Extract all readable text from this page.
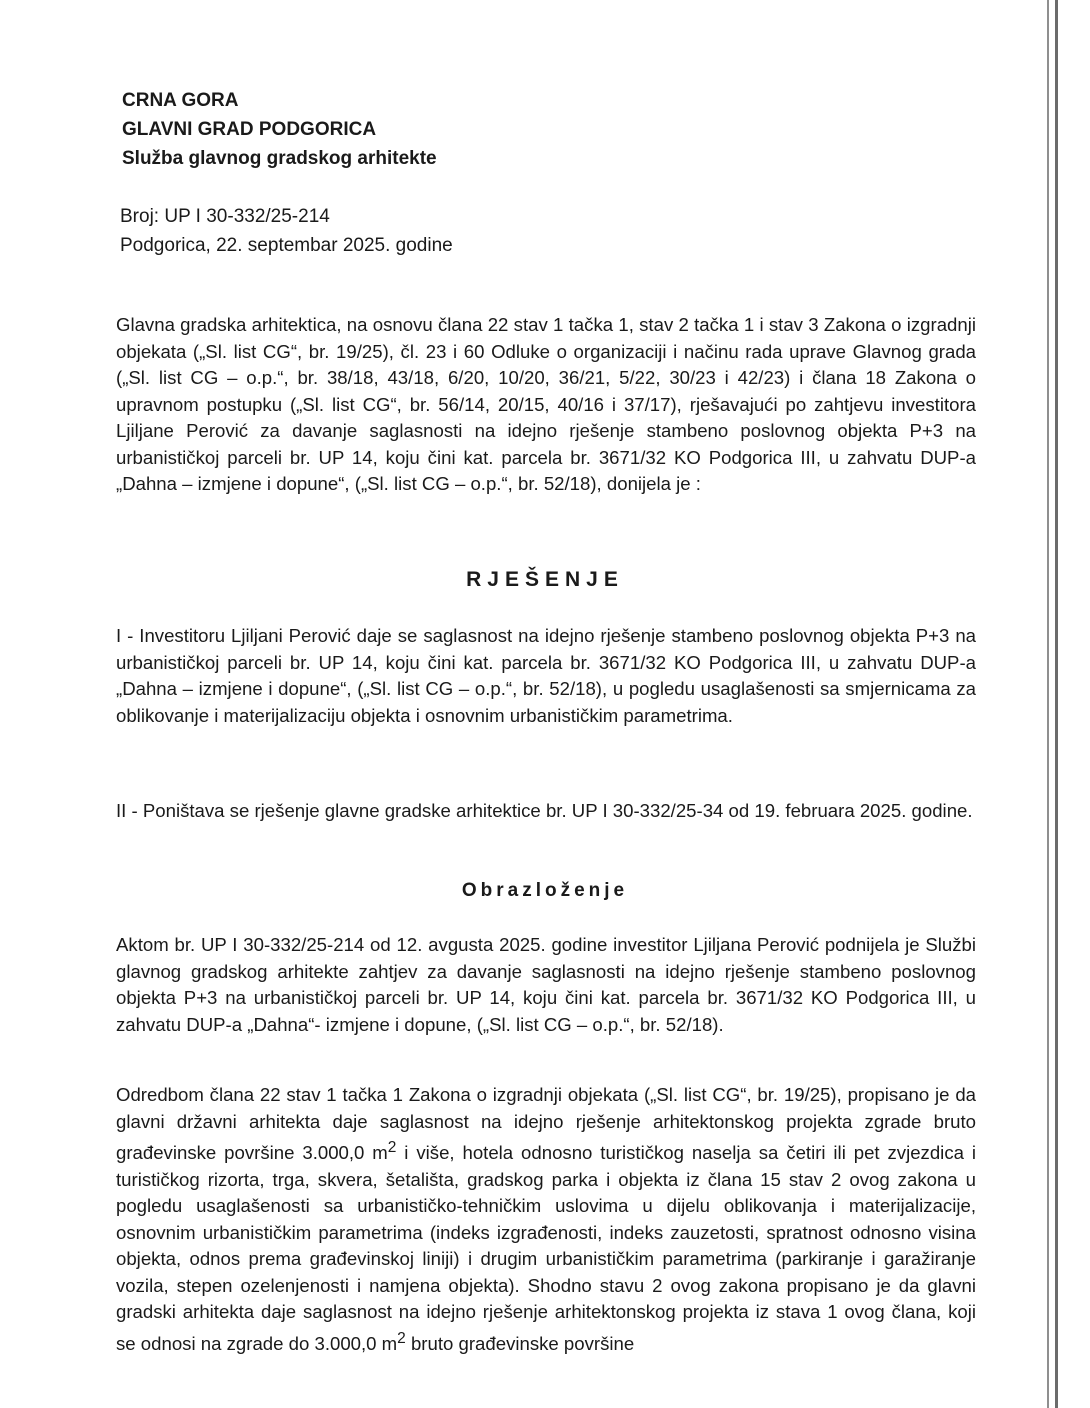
CRNA GORA
GLAVNI GRAD PODGORICA
Služba glavnog gradskog arhitekte
Broj: UP I 30-332/25-214
Podgorica, 22. septembar 2025. godine

Glavna gradska arhitektica, na osnovu člana 22 stav 1 tačka 1, stav 2 tačka 1 i stav 3 Zakona o izgradnji objekata („Sl. list CG“, br. 19/25), čl. 23 i 60 Odluke o organizaciji i načinu rada uprave Glavnog grada („Sl. list CG – o.p.“, br. 38/18, 43/18, 6/20, 10/20, 36/21, 5/22, 30/23 i 42/23) i člana 18 Zakona o upravnom postupku („Sl. list CG“, br. 56/14, 20/15, 40/16 i 37/17), rješavajući po zahtjevu investitora Ljiljane Perović za davanje saglasnosti na idejno rješenje stambeno poslovnog objekta P+3 na urbanističkoj parceli br. UP 14, koju čini kat. parcela br. 3671/32 KO Podgorica III, u zahvatu DUP-a „Dahna – izmjene i dopune“, („Sl. list CG – o.p.“, br. 52/18), donijela je :

RJEŠENJE

I - Investitoru Ljiljani Perović daje se saglasnost na idejno rješenje stambeno poslovnog objekta P+3 na urbanističkoj parceli br. UP 14, koju čini kat. parcela br. 3671/32 KO Podgorica III, u zahvatu DUP-a „Dahna – izmjene i dopune“, („Sl. list CG – o.p.“, br. 52/18), u pogledu usaglašenosti sa smjernicama za oblikovanje i materijalizaciju objekta i osnovnim urbanističkim parametrima.

II - Poništava se rješenje glavne gradske arhitektice br. UP I 30-332/25-34 od 19. februara 2025. godine.

Obrazloženje

Aktom br. UP I 30-332/25-214 od 12. avgusta 2025. godine investitor Ljiljana Perović podnijela je Službi glavnog gradskog arhitekte zahtjev za davanje saglasnosti na idejno rješenje stambeno poslovnog objekta P+3 na urbanističkoj parceli br. UP 14, koju čini kat. parcela br. 3671/32 KO Podgorica III, u zahvatu DUP-a „Dahna“- izmjene i dopune, („Sl. list CG – o.p.“, br. 52/18).

Odredbom člana 22 stav 1 tačka 1 Zakona o izgradnji objekata („Sl. list CG“, br. 19/25), propisano je da glavni državni arhitekta daje saglasnost na idejno rješenje arhitektonskog projekta zgrade bruto građevinske površine 3.000,0 $m^2$ i više, hotela odnosno turističkog naselja sa četiri ili pet zvjezdica i turističkog rizorta, trga, skvera, šetališta, gradskog parka i objekta iz člana 15 stav 2 ovog zakona u pogledu usaglašenosti sa urbanističko-tehničkim uslovima u dijelu oblikovanja i materijalizacije, osnovnim urbanističkim parametrima (indeks izgrađenosti, indeks zauzetosti, spratnost odnosno visina objekta, odnos prema građevinskoj liniji) i drugim urbanističkim parametrima (parkiranje i garažiranje vozila, stepen ozelenjenosti i namjena objekta). Shodno stavu 2 ovog zakona propisano je da glavni gradski arhitekta daje saglasnost na idejno rješenje arhitektonskog projekta iz stava 1 ovog člana, koji se odnosi na zgrade do 3.000,0 $m^2$ bruto građevinske površine
